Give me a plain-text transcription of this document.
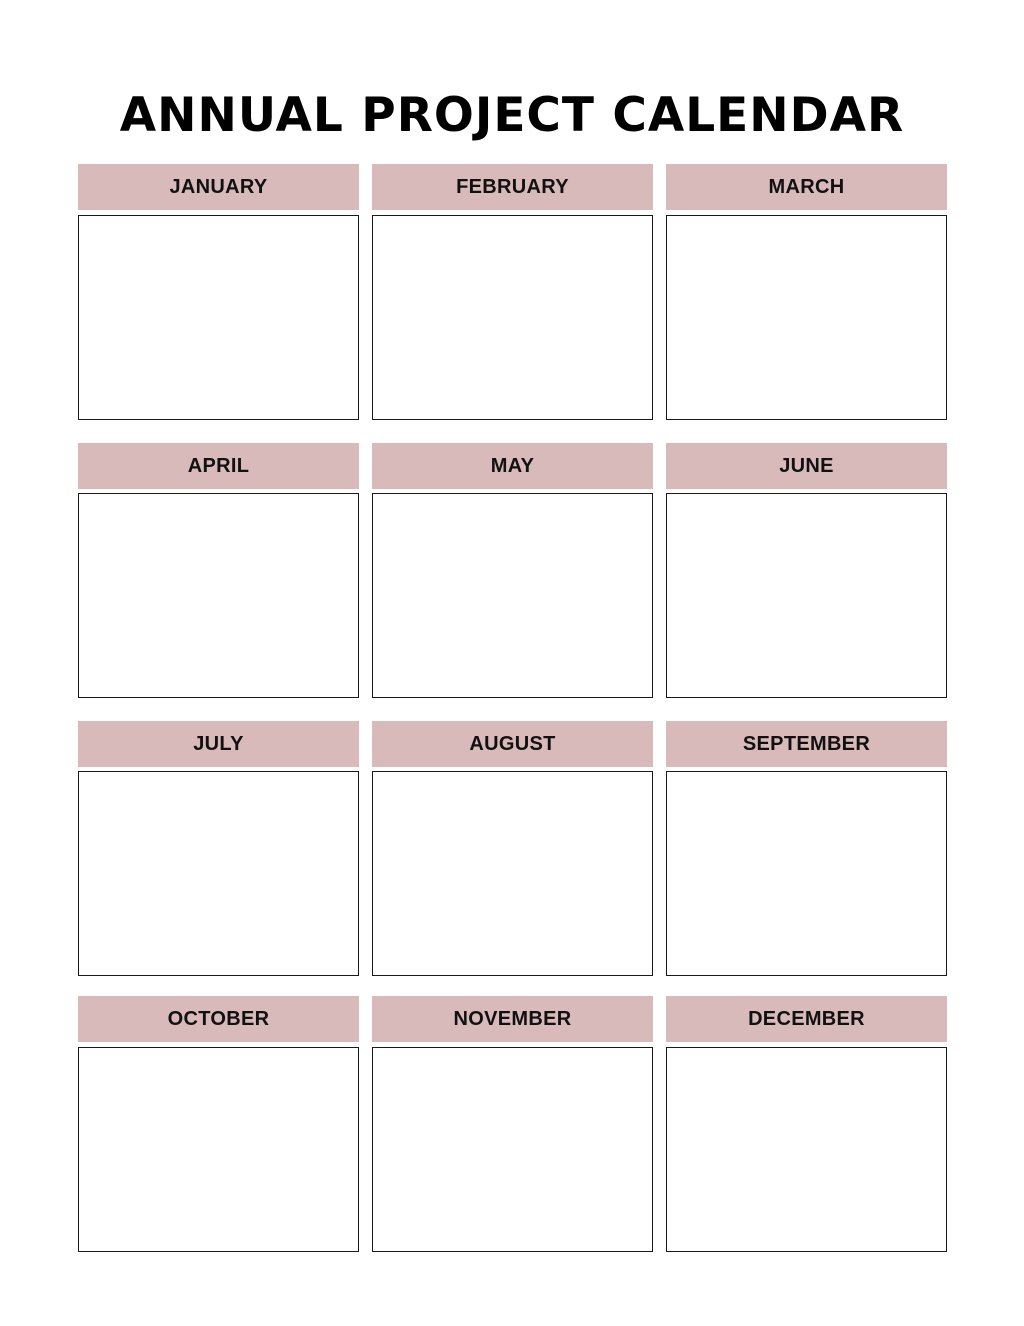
ANNUAL PROJECT CALENDAR
JANUARY	FEBRUARY	MARCH
APRIL	MAY	JUNE
JULY	AUGUST	SEPTEMBER
OCTOBER	NOVEMBER	DECEMBER
